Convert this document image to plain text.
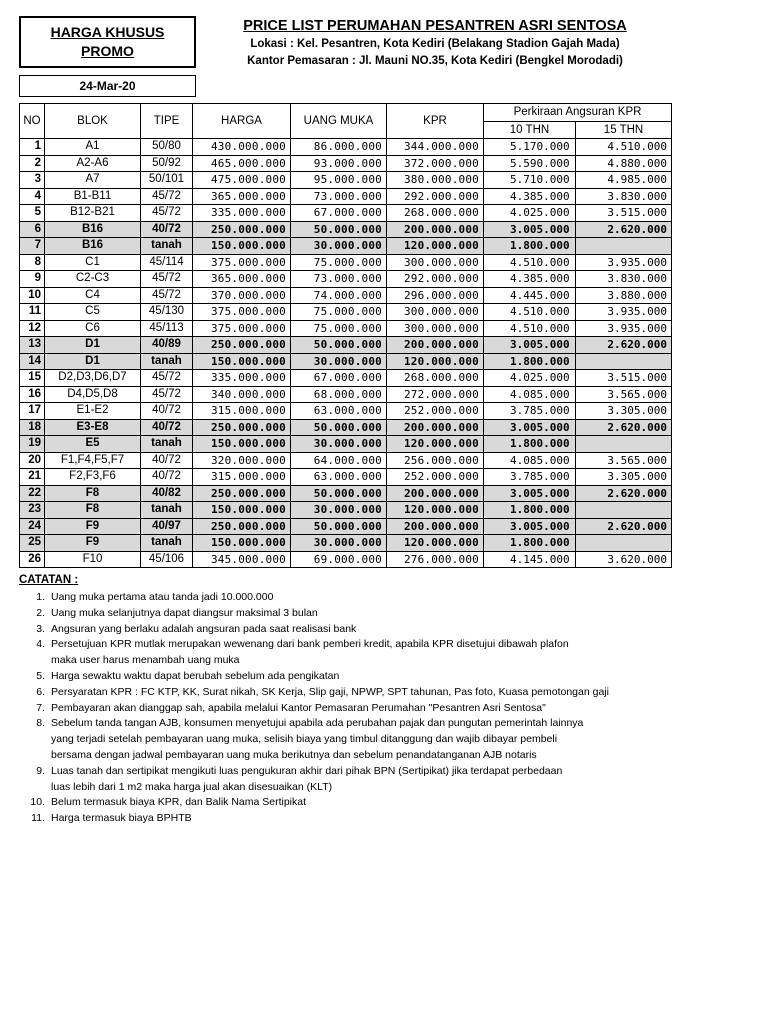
HARGA KHUSUS
PROMO
24-Mar-20
PRICE LIST PERUMAHAN PESANTREN ASRI SENTOSA
Lokasi : Kel. Pesantren, Kota Kediri (Belakang Stadion Gajah Mada)
Kantor Pemasaran : Jl. Mauni NO.35, Kota Kediri (Bengkel Morodadi)
NO	BLOK	TIPE	HARGA	UANG MUKA	KPR	Perkiraan Angsuran KPR	
						10 THN	15 THN
1	A1	50/80	430.000.000	86.000.000	344.000.000	5.170.000	4.510.000
2	A2-A6	50/92	465.000.000	93.000.000	372.000.000	5.590.000	4.880.000
3	A7	50/101	475.000.000	95.000.000	380.000.000	5.710.000	4.985.000
4	B1-B11	45/72	365.000.000	73.000.000	292.000.000	4.385.000	3.830.000
5	B12-B21	45/72	335.000.000	67.000.000	268.000.000	4.025.000	3.515.000
6	B16	40/72	250.000.000	50.000.000	200.000.000	3.005.000	2.620.000
7	B16	tanah	150.000.000	30.000.000	120.000.000	1.800.000	
8	C1	45/114	375.000.000	75.000.000	300.000.000	4.510.000	3.935.000
9	C2-C3	45/72	365.000.000	73.000.000	292.000.000	4.385.000	3.830.000
10	C4	45/72	370.000.000	74.000.000	296.000.000	4.445.000	3.880.000
11	C5	45/130	375.000.000	75.000.000	300.000.000	4.510.000	3.935.000
12	C6	45/113	375.000.000	75.000.000	300.000.000	4.510.000	3.935.000
13	D1	40/89	250.000.000	50.000.000	200.000.000	3.005.000	2.620.000
14	D1	tanah	150.000.000	30.000.000	120.000.000	1.800.000	
15	D2,D3,D6,D7	45/72	335.000.000	67.000.000	268.000.000	4.025.000	3.515.000
16	D4,D5,D8	45/72	340.000.000	68.000.000	272.000.000	4.085.000	3.565.000
17	E1-E2	40/72	315.000.000	63.000.000	252.000.000	3.785.000	3.305.000
18	E3-E8	40/72	250.000.000	50.000.000	200.000.000	3.005.000	2.620.000
19	E5	tanah	150.000.000	30.000.000	120.000.000	1.800.000	
20	F1,F4,F5,F7	40/72	320.000.000	64.000.000	256.000.000	4.085.000	3.565.000
21	F2,F3,F6	40/72	315.000.000	63.000.000	252.000.000	3.785.000	3.305.000
22	F8	40/82	250.000.000	50.000.000	200.000.000	3.005.000	2.620.000
23	F8	tanah	150.000.000	30.000.000	120.000.000	1.800.000	
24	F9	40/97	250.000.000	50.000.000	200.000.000	3.005.000	2.620.000
25	F9	tanah	150.000.000	30.000.000	120.000.000	1.800.000	
26	F10	45/106	345.000.000	69.000.000	276.000.000	4.145.000	3.620.000
CATATAN :
1. Uang muka pertama atau tanda jadi 10.000.000
2. Uang muka selanjutnya dapat diangsur maksimal 3 bulan
3. Angsuran yang berlaku adalah angsuran pada saat realisasi bank
4. Persetujuan KPR mutlak merupakan wewenang dari bank pemberi kredit, apabila KPR disetujui dibawah plafon
maka user harus menambah uang muka
5. Harga sewaktu waktu dapat berubah sebelum ada pengikatan
6. Persyaratan KPR : FC KTP, KK, Surat nikah, SK Kerja, Slip gaji, NPWP, SPT tahunan, Pas foto, Kuasa pemotongan gaji
7. Pembayaran akan dianggap sah, apabila melalui Kantor Pemasaran Perumahan "Pesantren Asri Sentosa"
8. Sebelum tanda tangan AJB, konsumen menyetujui apabila ada perubahan pajak dan pungutan pemerintah lainnya
yang terjadi setelah pembayaran uang muka, selisih biaya yang timbul ditanggung dan wajib dibayar pembeli
bersama dengan jadwal pembayaran uang muka berikutnya dan sebelum penandatanganan AJB notaris
9. Luas tanah dan sertipikat mengikuti luas pengukuran akhir dari pihak BPN (Sertipikat) jika terdapat perbedaan
luas lebih dari 1 m2 maka harga jual akan disesuaikan (KLT)
10. Belum termasuk biaya KPR, dan Balik Nama Sertipikat
11. Harga termasuk biaya BPHTB
